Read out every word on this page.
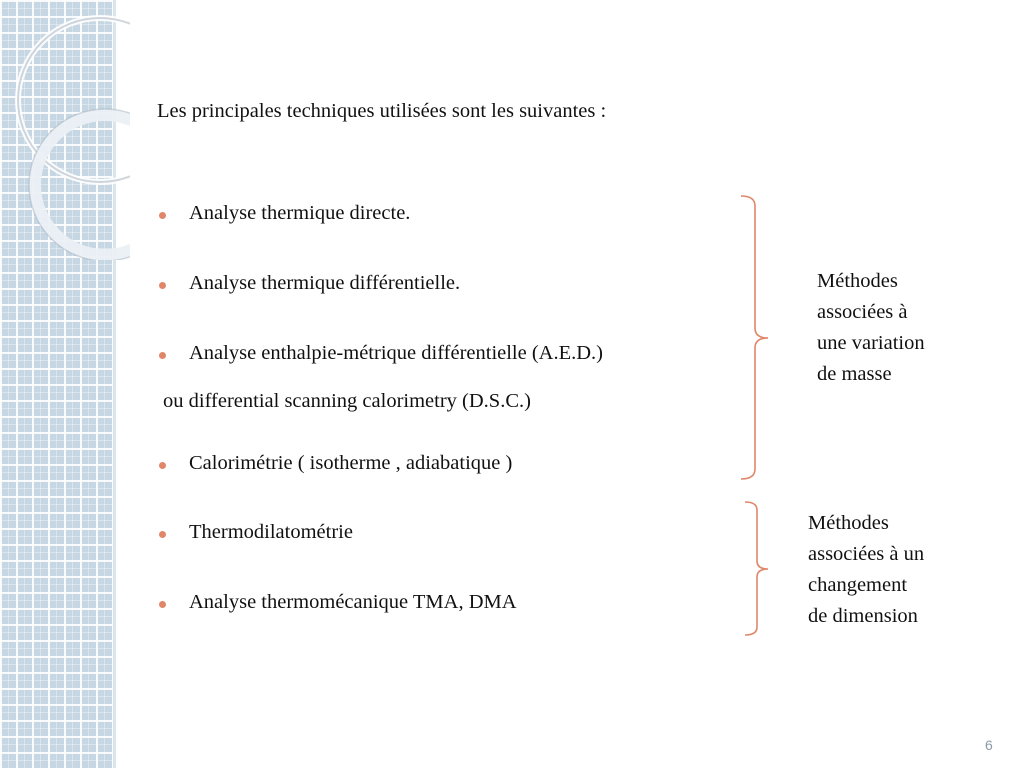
Les principales techniques utilisées sont les suivantes :

Analyse thermique directe.
Analyse thermique différentielle.
Analyse enthalpie-métrique différentielle (A.E.D.)
Calorimétrie ( isotherme , adiabatique )
Thermodilatométrie
Analyse thermomécanique TMA, DMA
ou differential scanning calorimetry (D.S.C.)

Méthodes
associées à
une variation
de masse

Méthodes
associées à un
changement
de dimension

6
